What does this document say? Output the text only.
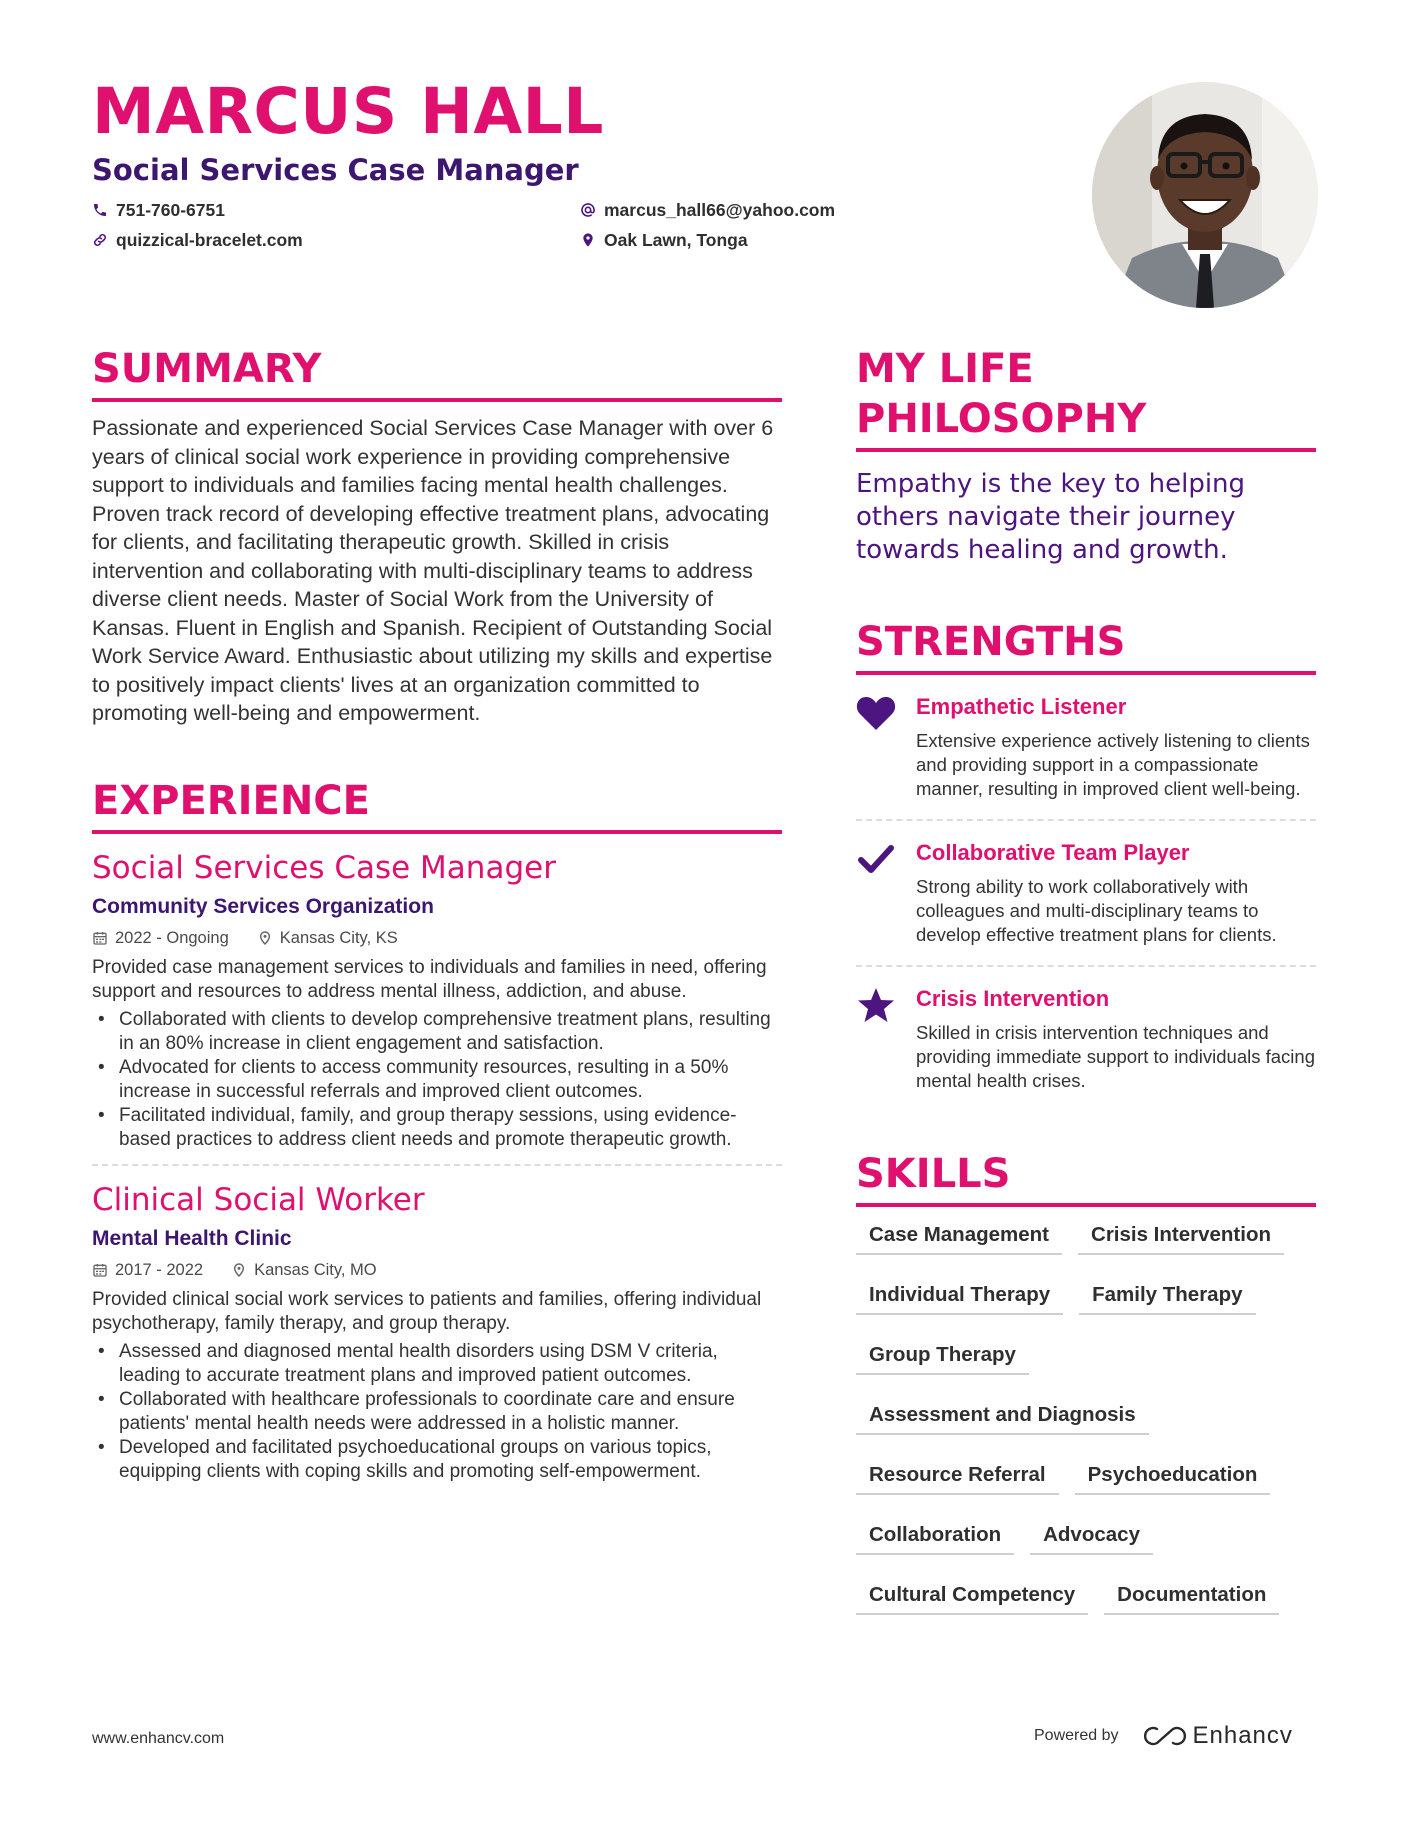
MARCUS HALL
Social Services Case Manager
751-760-6751	marcus_hall66@yahoo.com
quizzical-bracelet.com	Oak Lawn, Tonga
SUMMARY

Passionate and experienced Social Services Case Manager with over 6 years of clinical social work experience in providing comprehensive support to individuals and families facing mental health challenges. Proven track record of developing effective treatment plans, advocating for clients, and facilitating therapeutic growth. Skilled in crisis intervention and collaborating with multi-disciplinary teams to address diverse client needs. Master of Social Work from the University of Kansas. Fluent in English and Spanish. Recipient of Outstanding Social Work Service Award. Enthusiastic about utilizing my skills and expertise to positively impact clients' lives at an organization committed to promoting well-being and empowerment.

EXPERIENCE
Social Services Case Manager
Community Services Organization
2022 - Ongoing	Kansas City, KS

Provided case management services to individuals and families in need, offering support and resources to address mental illness, addiction, and abuse.

• Collaborated with clients to develop comprehensive treatment plans, resulting in an 80% increase in client engagement and satisfaction.
• Advocated for clients to access community resources, resulting in a 50% increase in successful referrals and improved client outcomes.
• Facilitated individual, family, and group therapy sessions, using evidence-based practices to address client needs and promote therapeutic growth.
Clinical Social Worker
Mental Health Clinic
2017 - 2022	Kansas City, MO

Provided clinical social work services to patients and families, offering individual psychotherapy, family therapy, and group therapy.

• Assessed and diagnosed mental health disorders using DSM V criteria, leading to accurate treatment plans and improved patient outcomes.
• Collaborated with healthcare professionals to coordinate care and ensure patients' mental health needs were addressed in a holistic manner.
• Developed and facilitated psychoeducational groups on various topics, equipping clients with coping skills and promoting self-empowerment.
MY LIFE
PHILOSOPHY

Empathy is the key to helping others navigate their journey towards healing and growth.

STRENGTHS
Empathetic Listener

Extensive experience actively listening to clients and providing support in a compassionate manner, resulting in improved client well-being.

Collaborative Team Player

Strong ability to work collaboratively with colleagues and multi-disciplinary teams to develop effective treatment plans for clients.

Crisis Intervention

Skilled in crisis intervention techniques and providing immediate support to individuals facing mental health crises.

SKILLS
Case Management	Crisis Intervention
Individual Therapy	Family Therapy
Group Therapy
Assessment and Diagnosis
Resource Referral	Psychoeducation
Collaboration	Advocacy
Cultural Competency	Documentation
www.enhancv.com	Powered by	Enhancv
